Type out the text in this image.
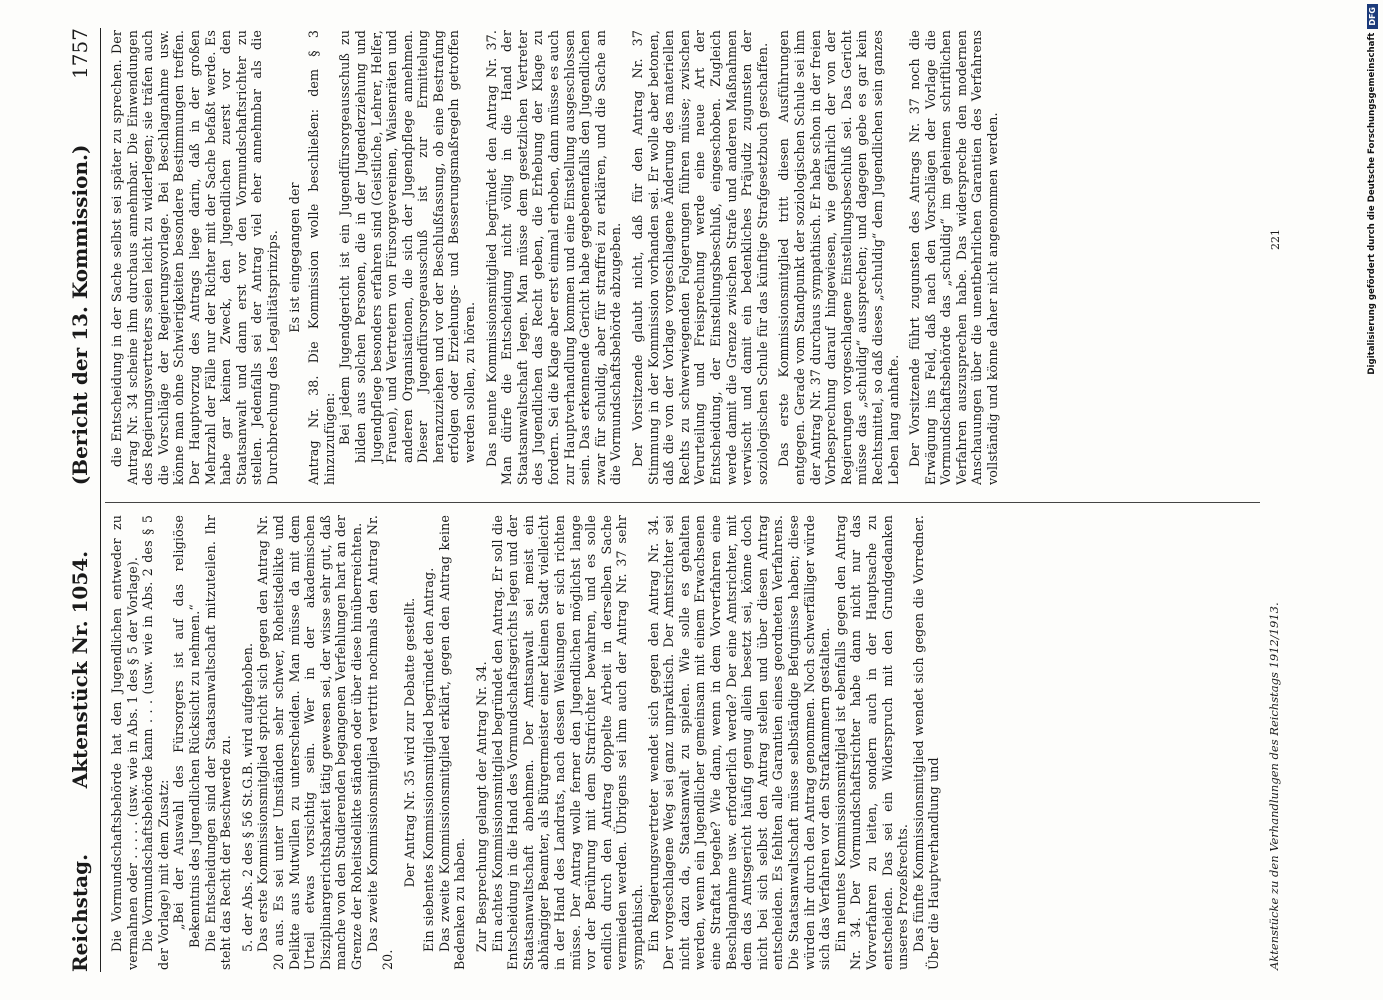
Reichstag.
Aktenstück Nr. 1054.
(Bericht der 13. Kommission.)
1757

Die Vormundschaftsbehörde hat den Jugendlichen entweder zu vermahnen oder . . . . . (usw. wie in Abs. 1 des § 5 der Vorlage). Die Vormundschaftsbehörde kann . . . (usw. wie in Abs. 2 des § 5 der Vorlage) mit dem Zusatz: „Bei der Auswahl des Fürsorgers ist auf das religiöse Bekenntnis des Jugendlichen Rücksicht zu nehmen.“ Die Entscheidungen sind der Staatsanwaltschaft mitzuteilen. Ihr steht das Recht der Beschwerde zu. 5. der Abs. 2 des § 56 St.G.B. wird aufgehoben. Das erste Kommissionsmitglied spricht sich gegen den Antrag Nr. 20 aus. Es sei unter Umständen sehr schwer, Roheitsdelikte und Delikte aus Mutwillen zu unterscheiden. Man müsse da mit dem Urteil etwas vorsichtig sein. Wer in der akademischen Disziplinargerichtsbarkeit tätig gewesen sei, der wisse sehr gut, daß manche von den Studierenden begangenen Verfehlungen hart an der Grenze der Roheitsdelikte ständen oder über diese hinüberreichten. Das zweite Kommissionsmitglied vertritt nochmals den Antrag Nr. 20.

Der Antrag Nr. 35 wird zur Debatte gestellt. Ein siebentes Kommissionsmitglied begründet den Antrag. Das zweite Kommissionsmitglied erklärt, gegen den Antrag keine Bedenken zu haben. Zur Besprechung gelangt der Antrag Nr. 34. Ein achtes Kommissionsmitglied begründet den Antrag. Er soll die Entscheidung in die Hand des Vormundschaftsgerichts legen und der Staatsanwaltschaft abnehmen. Der Amtsanwalt sei meist ein abhängiger Beamter, als Bürgermeister einer kleinen Stadt vielleicht in der Hand des Landrats, nach dessen Weisungen er sich richten müsse. Der Antrag wolle ferner den Jugendlichen möglichst lange vor der Berührung mit dem Strafrichter bewahren, und es solle endlich durch den Antrag doppelte Arbeit in derselben Sache vermieden werden. Übrigens sei ihm auch der Antrag Nr. 37 sehr sympathisch. Ein Regierungsvertreter wendet sich gegen den Antrag Nr. 34. Der vorgeschlagene Weg sei ganz unpraktisch. Der Amtsrichter sei nicht dazu da, Staatsanwalt zu spielen. Wie solle es gehalten werden, wenn ein Jugendlicher gemeinsam mit einem Erwachsenen eine Straftat begehe? Wie dann, wenn in dem Vorverfahren eine Beschlagnahme usw. erforderlich werde? Der eine Amtsrichter, mit dem das Amtsgericht häufig genug allein besetzt sei, könne doch nicht bei sich selbst den Antrag stellen und über diesen Antrag entscheiden. Es fehlten alle Garantien eines geordneten Verfahrens. Die Staatsanwaltschaft müsse selbständige Befugnisse haben; diese würden ihr durch den Antrag genommen. Noch schwerfälliger würde sich das Verfahren vor den Strafkammern gestalten. Ein neuntes Kommissionsmitglied ist ebenfalls gegen den Antrag Nr. 34. Der Vormundschaftsrichter habe dann nicht nur das Vorverfahren zu leiten, sondern auch in der Hauptsache zu entscheiden. Das sei ein Widerspruch mit den Grundgedanken unseres Prozeßrechts. Das fünfte Kommissionsmitglied wendet sich gegen die Vorredner. Über die Hauptverhandlung und

die Entscheidung in der Sache selbst sei später zu sprechen. Der Antrag Nr. 34 scheine ihm durchaus annehmbar. Die Einwendungen des Regierungsvertreters seien leicht zu widerlegen; sie träfen auch die Vorschläge der Regierungsvorlage. Bei Beschlagnahme usw. könne man ohne Schwierigkeiten besondere Bestimmungen treffen. Der Hauptvorzug des Antrags liege darin, daß in der großen Mehrzahl der Fälle nur der Richter mit der Sache befaßt werde. Es habe gar keinen Zweck, den Jugendlichen zuerst vor den Staatsanwalt und dann erst vor den Vormundschaftsrichter zu stellen. Jedenfalls sei der Antrag viel eher annehmbar als die Durchbrechung des Legalitätsprinzips. Es ist eingegangen der Antrag Nr. 38. Die Kommission wolle beschließen: dem § 3 hinzuzufügen: Bei jedem Jugendgericht ist ein Jugendfürsorgeausschuß zu bilden aus solchen Personen, die in der Jugenderziehung und Jugendpflege besonders erfahren sind (Geistliche, Lehrer, Helfer, Frauen), und Vertretern von Fürsorgevereinen, Waisenräten und anderen Organisationen, die sich der Jugendpflege annehmen. Dieser Jugendfürsorgeausschuß ist zur Ermittelung heranzuziehen und vor der Beschlußfassung, ob eine Bestrafung erfolgen oder Erziehungs- und Besserungsmaßregeln getroffen werden sollen, zu hören. Das neunte Kommissionsmitglied begründet den Antrag Nr. 37. Man dürfe die Entscheidung nicht völlig in die Hand der Staatsanwaltschaft legen. Man müsse dem gesetzlichen Vertreter des Jugendlichen das Recht geben, die Erhebung der Klage zu fordern. Sei die Klage aber erst einmal erhoben, dann müsse es auch zur Hauptverhandlung kommen und eine Einstellung ausgeschlossen sein. Das erkennende Gericht habe gegebenenfalls den Jugendlichen zwar für schuldig, aber für straffrei zu erklären, und die Sache an die Vormundschaftsbehörde abzugeben. Der Vorsitzende glaubt nicht, daß für den Antrag Nr. 37 Stimmung in der Kommission vorhanden sei. Er wolle aber betonen, daß die von der Vorlage vorgeschlagene Änderung des materiellen Rechts zu schwerwiegenden Folgerungen führen müsse; zwischen Verurteilung und Freisprechung werde eine neue Art der Entscheidung, der Einstellungsbeschluß, eingeschoben. Zugleich werde damit die Grenze zwischen Strafe und anderen Maßnahmen verwischt und damit ein bedenkliches Präjudiz zugunsten der soziologischen Schule für das künftige Strafgesetzbuch geschaffen. Das erste Kommissionsmitglied tritt diesen Ausführungen entgegen. Gerade vom Standpunkt der soziologischen Schule sei ihm der Antrag Nr. 37 durchaus sympathisch. Er habe schon in der freien Vorbesprechung darauf hingewiesen, wie gefährlich der von der Regierungen vorgeschlagene Einstellungsbeschluß sei. Das Gericht müsse das „schuldig“ aussprechen; und dagegen gebe es gar kein Rechtsmittel, so daß dieses „schuldig“ dem Jugendlichen sein ganzes Leben lang anhafte. Der Vorsitzende führt zugunsten des Antrags Nr. 37 noch die Erwägung ins Feld, daß nach den Vorschlägen der Vorlage die Vormundschaftsbehörde das „schuldig“ im geheimen schriftlichen Verfahren auszusprechen habe. Das widerspreche den modernen Anschauungen über die unentbehrlichen Garantien des Verfahrens vollständig und könne daher nicht angenommen werden.

Aktenstücke zu den Verhandlungen des Reichstags 1912/1913.
221	Digitalisierung gefördert durch die Deutsche Forschungsgemeinschaft
DFG
